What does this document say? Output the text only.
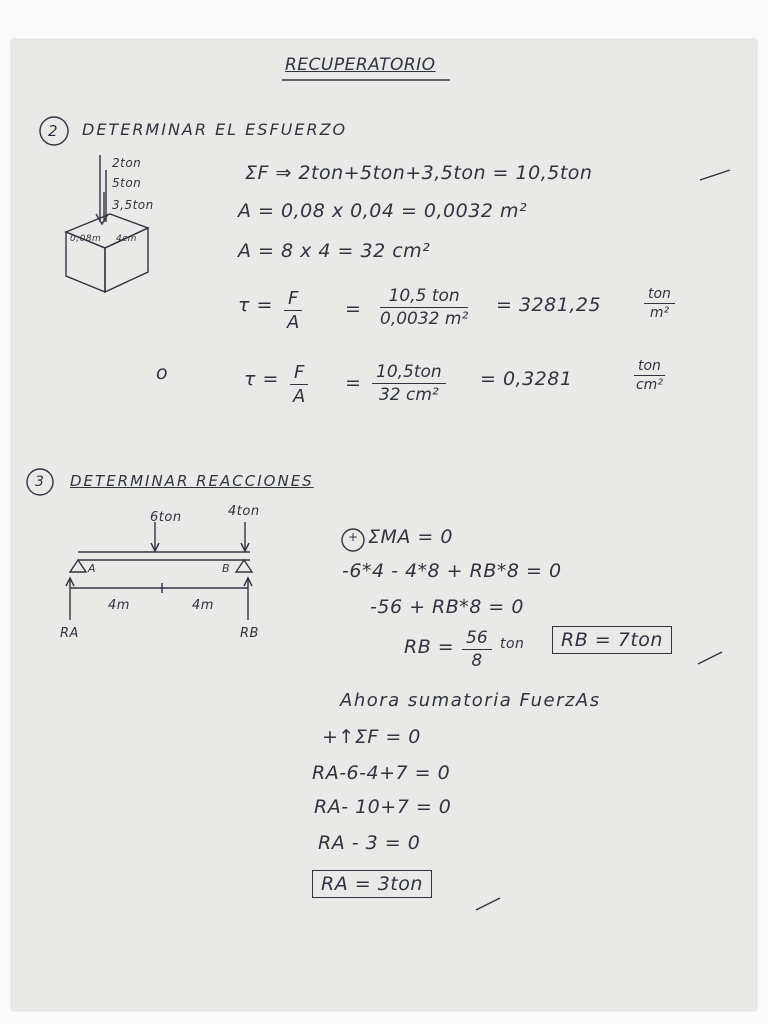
RECUPERATORIO
2 DETERMINAR EL ESFUERZO
2ton
5ton
3,5ton
0,08m 4cm
ΣF ⇒ 2ton+5ton+3,5ton = 10,5ton
A = 0,08 x 0,04 = 0,0032 m²
A = 8 x 4 = 32 cm²
$\tau = \frac{F}{A}$ =
10,5 ton
0,0032 m²
= 3281,25	ton
m²
o	$\tau = \frac{F}{A} = 10,5ton$
32 cm²
= 0,3281
ton
cm²
3 DETERMINAR REACCIONES
6ton	4ton
A	B
4m	4m
RA	RB
+ ΣMA = 0
-6*4 - 4*8 + RB*8 = 0
-56 + RB*8 = 0
RB = $\frac{56}{8}$ ton	RB = 7ton
Ahora sumatoria FuerzAs
+↑ΣF = 0
RA-6-4+7 = 0
RA- 10+7 = 0
RA - 3 = 0
RA = 3ton
